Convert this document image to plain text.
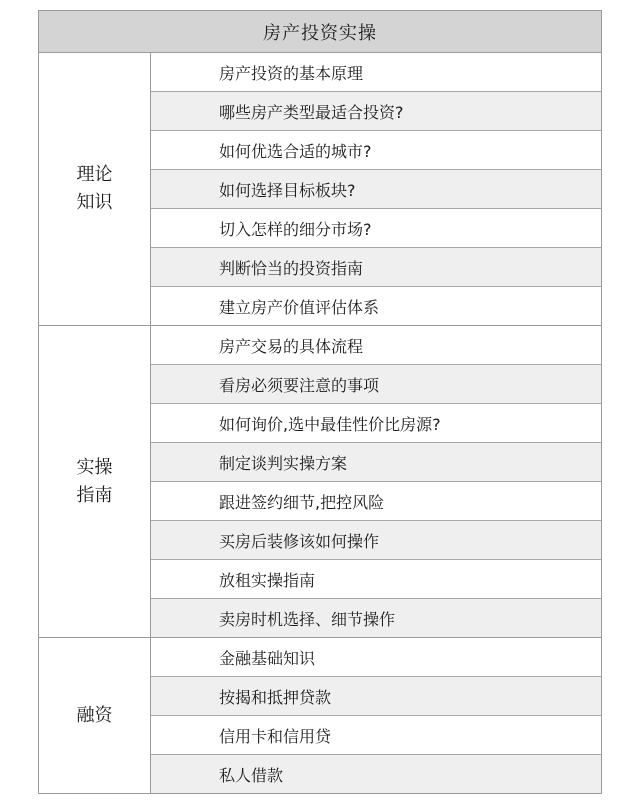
房产投资实操
理论
知识
房产投资的基本原理
哪些房产类型最适合投资?
如何优选合适的城市?
如何选择目标板块?
切入怎样的细分市场?
判断恰当的投资指南
建立房产价值评估体系
实操
指南
房产交易的具体流程
看房必须要注意的事项
如何询价,选中最佳性价比房源?
制定谈判实操方案
跟进签约细节,把控风险
买房后装修该如何操作
放租实操指南
卖房时机选择、细节操作
融资
金融基础知识
按揭和抵押贷款
信用卡和信用贷
私人借款
